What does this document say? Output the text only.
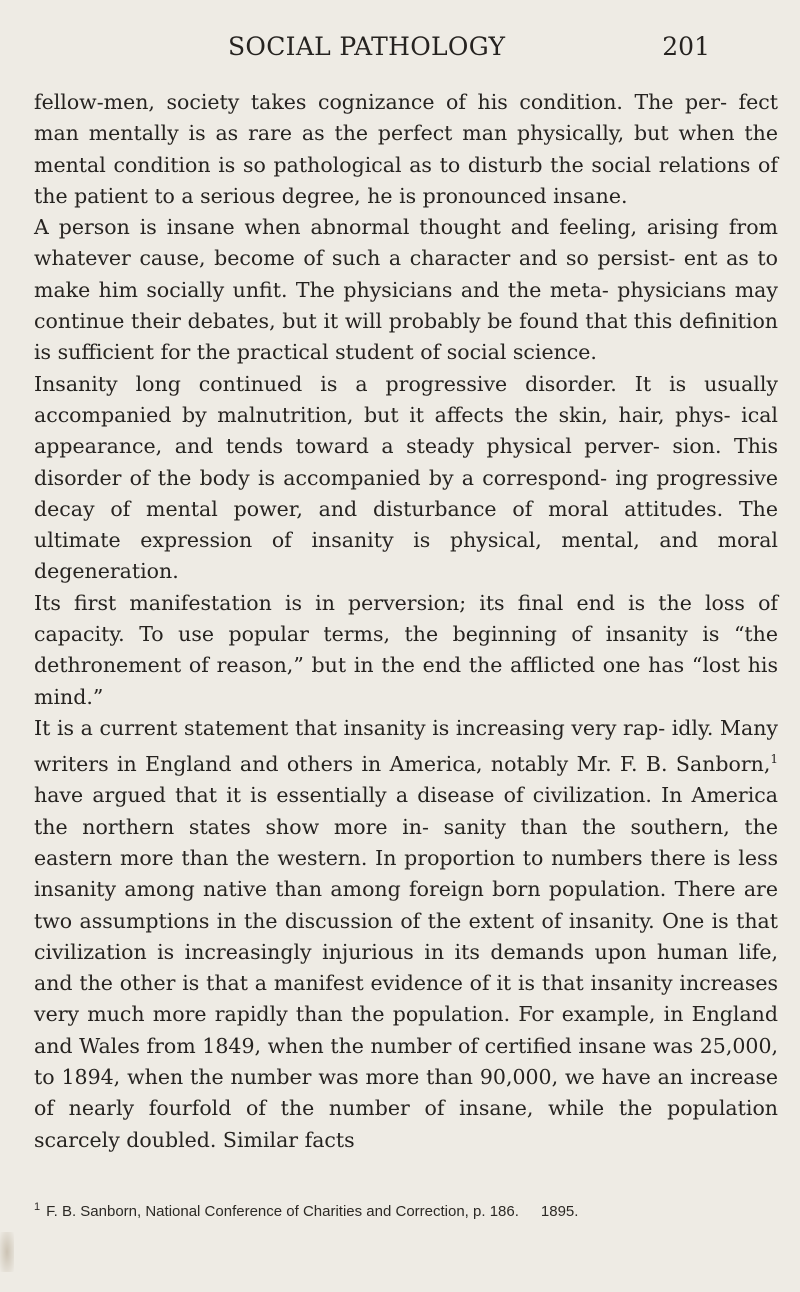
SOCIAL PATHOLOGY	201

fellow-men, society takes cognizance of his condition. The per- fect man mentally is as rare as the perfect man physically, but when the mental condition is so pathological as to disturb the social relations of the patient to a serious degree, he is pronounced insane.

A person is insane when abnormal thought and feeling, arising from whatever cause, become of such a character and so persist- ent as to make him socially unfit. The physicians and the meta- physicians may continue their debates, but it will probably be found that this definition is sufficient for the practical student of social science.

Insanity long continued is a progressive disorder. It is usually accompanied by malnutrition, but it affects the skin, hair, phys- ical appearance, and tends toward a steady physical perver- sion. This disorder of the body is accompanied by a correspond- ing progressive decay of mental power, and disturbance of moral attitudes. The ultimate expression of insanity is physical, mental, and moral degeneration.

Its first manifestation is in perversion; its final end is the loss of capacity. To use popular terms, the beginning of insanity is “the dethronement of reason,” but in the end the afflicted one has “lost his mind.”

It is a current statement that insanity is increasing very rap- idly. Many writers in England and others in America, notably Mr. F. B. Sanborn,$^1$ have argued that it is essentially a disease of civilization. In America the northern states show more in- sanity than the southern, the eastern more than the western. In proportion to numbers there is less insanity among native than among foreign born population. There are two assumptions in the discussion of the extent of insanity. One is that civilization is increasingly injurious in its demands upon human life, and the other is that a manifest evidence of it is that insanity increases very much more rapidly than the population. For example, in England and Wales from 1849, when the number of certified insane was 25,000, to 1894, when the number was more than 90,000, we have an increase of nearly fourfold of the number of insane, while the population scarcely doubled. Similar facts

$^1$ F. B. Sanborn, National Conference of Charities and Correction, p. 186. 1895.
